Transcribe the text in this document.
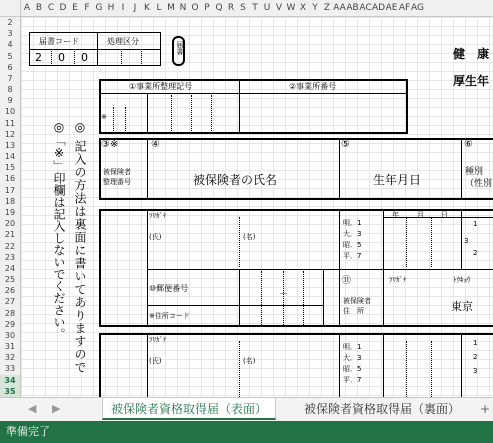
A B C D E F G H I	J K L M N O P Q R S T U V W X Y Z AA AB AC AD AE AF AG
2
3
4
5
6
7
8
9
10
11
12
13
14
15
16
17
18
19
20
21
22
23
24
25
26
27
28
29
30
31
32
33
34
35
届書コード	処理区分
2 0 0
届書	健 康
厚生年
①事業所整理記号	②事業所番号
※
◎ 記入の方法は裏面に書いてありますので
◎「※」印欄は記入しないでください。	③※	④	⑤	⑥
被保険者
整理番号	被保険者の氏名	生年月日
種別
（性別
ﾌﾘｶﾞﾅ
(氏)	(名)
明．1
大．3
昭．5
平．7
年	月 日
1
3
2
⑩郵便番号
－
※住所コード
⑪
被保険者
住　所
ﾌﾘｶﾞﾅ	ﾄｳｷｮｳ
東京
ﾌﾘｶﾞﾅ
(氏)	(名)
明．1
大．3
昭．5
平．7
1
2
3
◀ ▶	被保険者資格取得届（表面）	被保険者資格取得届（裏面）	+
準備完了
